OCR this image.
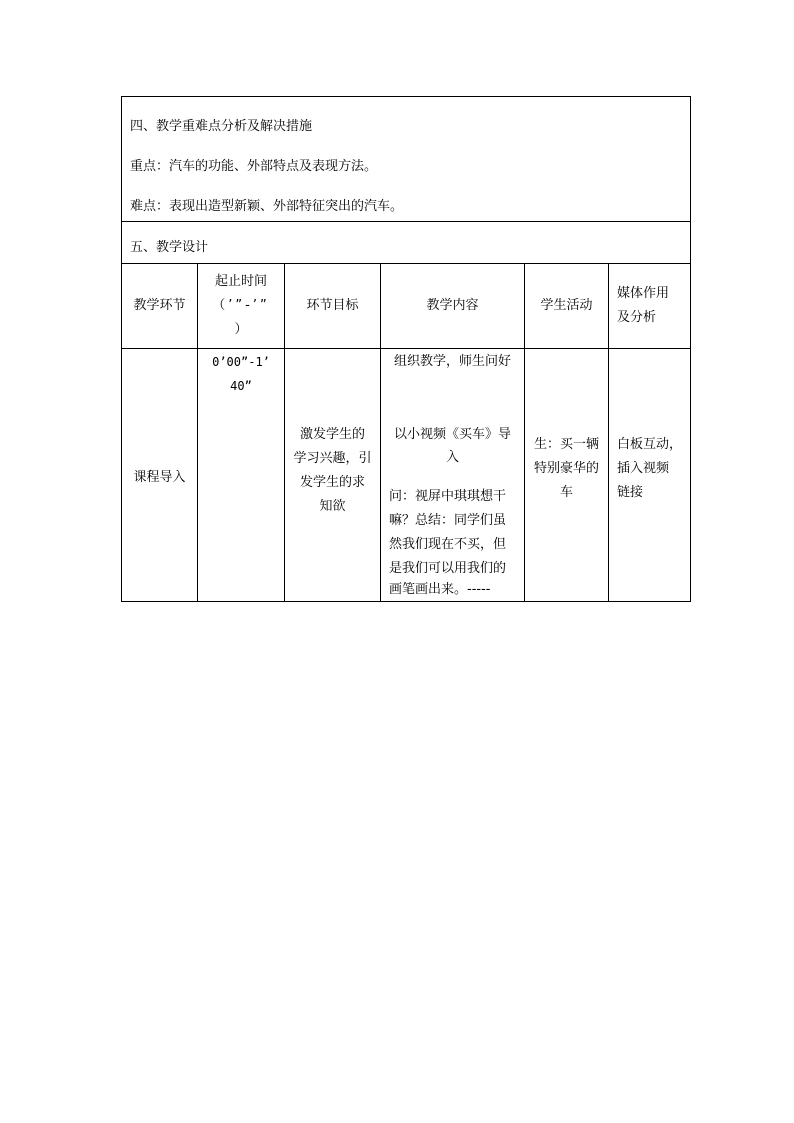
四、教学重难点分析及解决措施
重点：汽车的功能、外部特点及表现方法。
难点：表现出造型新颖、外部特征突出的汽车。
五、教学设计
教学环节
起止时间
（’”-’”
）
环节目标	教学内容	学生活动
媒体作用
及分析
课程导入
0’00”-1’
40”
激发学生的
学习兴趣，引
发学生的求
知欲
组织教学，师生问好
以小视频《买车》导
入
问：视屏中琪琪想干
嘛？总结：同学们虽
然我们现在不买，但
是我们可以用我们的
画笔画出来。-----
生：买一辆
特别豪华的
车
白板互动，
插入视频
链接
